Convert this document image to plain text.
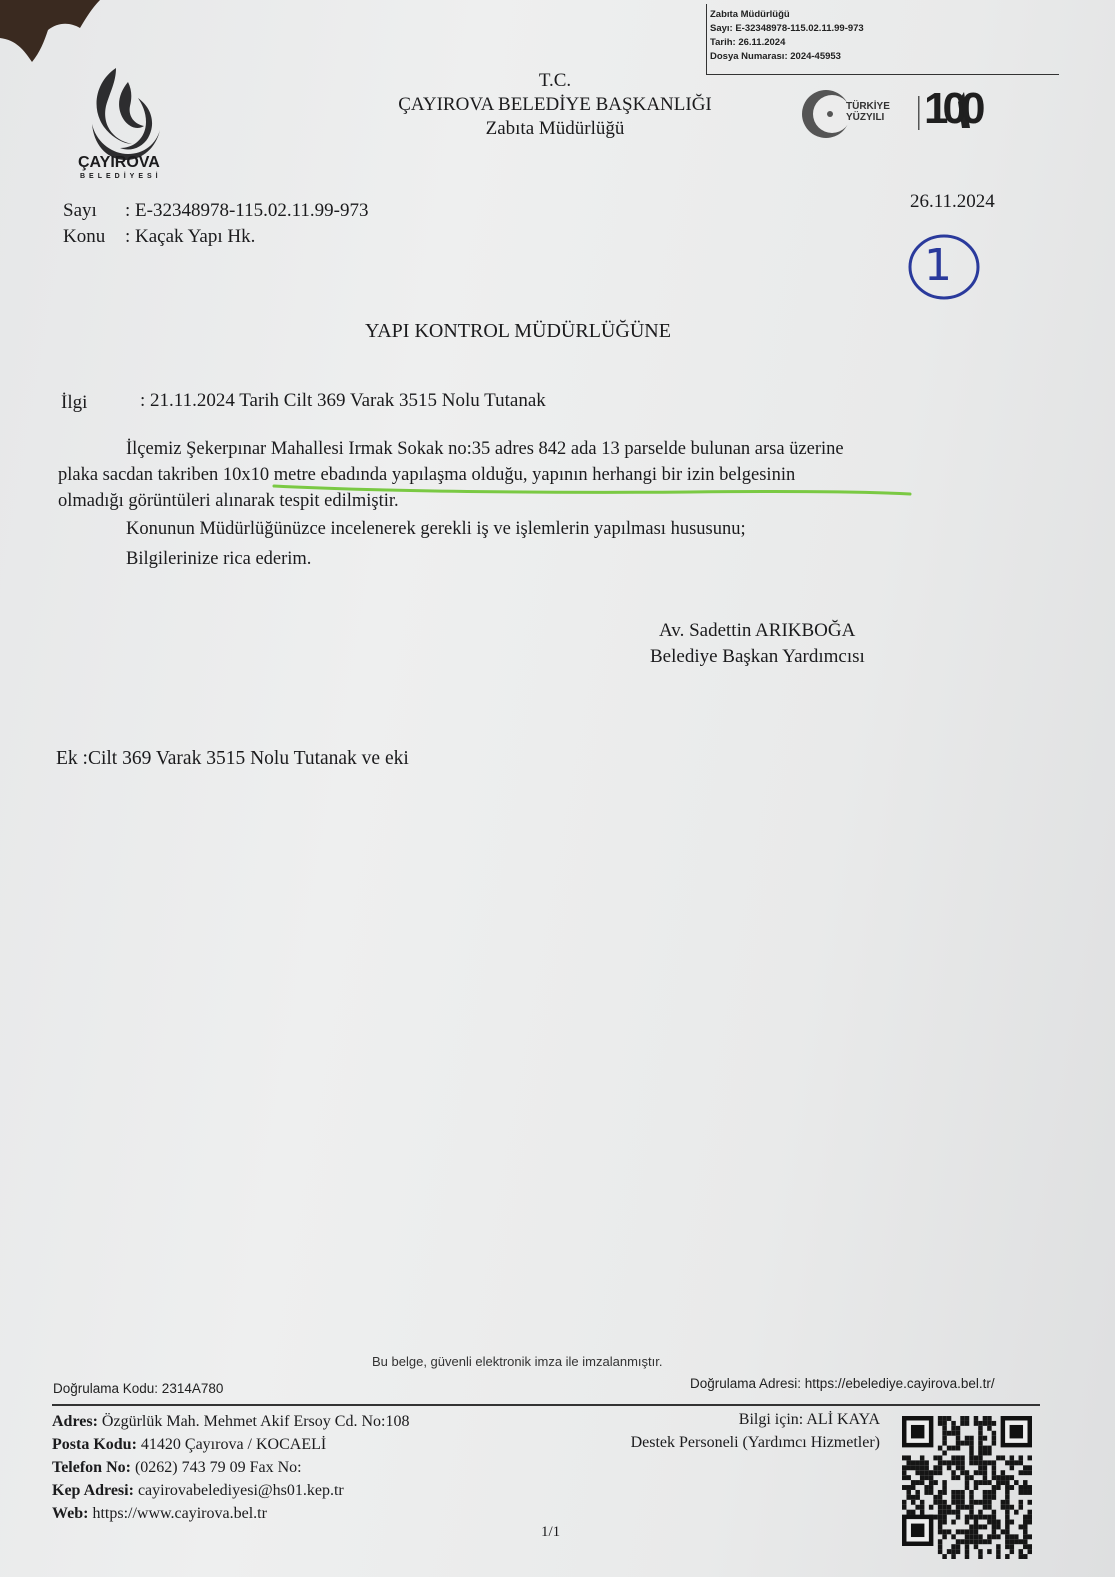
Zabıta Müdürlüğü
Sayı: E-32348978-115.02.11.99-973
Tarih: 26.11.2024
Dosya Numarası: 2024-45953
ÇAYIROVA
BELEDİYESİ
T.C.
ÇAYIROVA BELEDİYE BAŞKANLIĞI
Zabıta Müdürlüğü
TÜRKİYE
YÜZYILI 100
Sayı : E-32348978-115.02.11.99-973
Konu : Kaçak Yapı Hk.
26.11.2024
1
YAPI KONTROL MÜDÜRLÜĞÜNE
İlgi	: 21.11.2024 Tarih Cilt 369 Varak 3515 Nolu Tutanak
İlçemiz Şekerpınar Mahallesi Irmak Sokak no:35 adres 842 ada 13 parselde bulunan arsa üzerine
plaka sacdan takriben 10x10 metre ebadında yapılaşma olduğu, yapının herhangi bir izin belgesinin
olmadığı görüntüleri alınarak tespit edilmiştir.
Konunun Müdürlüğünüzce incelenerek gerekli iş ve işlemlerin yapılması hususunu;
Bilgilerinize rica ederim.
Av. Sadettin ARIKBOĞA
Belediye Başkan Yardımcısı
Ek :Cilt 369 Varak 3515 Nolu Tutanak ve eki
Bu belge, güvenli elektronik imza ile imzalanmıştır.
Doğrulama Kodu: 2314A780	Doğrulama Adresi: https://ebelediye.cayirova.bel.tr/
Adres: Özgürlük Mah. Mehmet Akif Ersoy Cd. No:108
Posta Kodu: 41420 Çayırova / KOCAELİ
Telefon No: (0262) 743 79 09 Fax No:
Kep Adresi: cayirovabelediyesi@hs01.kep.tr
Web: https://www.cayirova.bel.tr
Bilgi için: ALİ KAYA
Destek Personeli (Yardımcı Hizmetler)
1/1
